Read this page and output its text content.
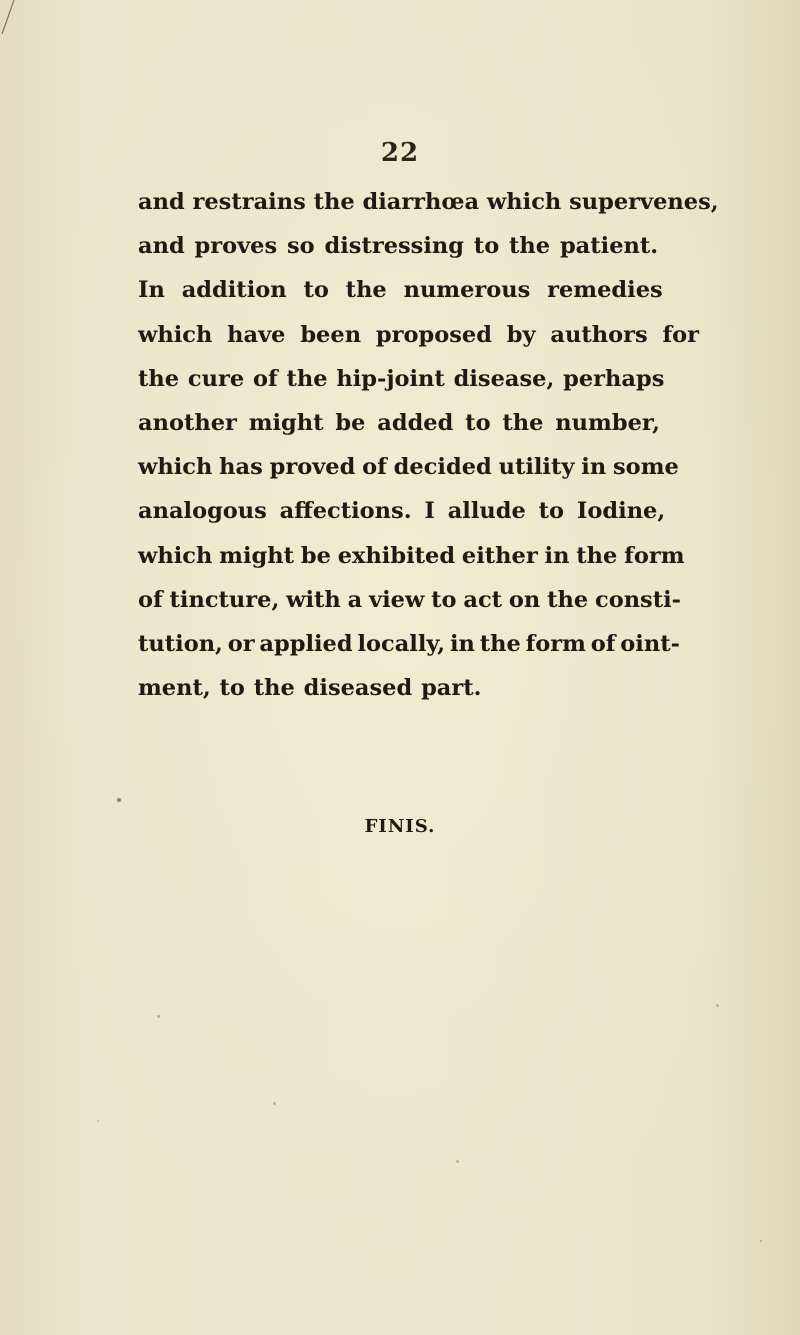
22
and restrains the diarrhœa which supervenes,
and proves so distressing to the patient.
In addition to the numerous remedies
which have been proposed by authors for
the cure of the hip-joint disease, perhaps
another might be added to the number,
which has proved of decided utility in some
analogous affections. I allude to Iodine,
which might be exhibited either in the form
of tincture, with a view to act on the consti-
tution, or applied locally, in the form of oint-
ment, to the diseased part.
FINIS.
